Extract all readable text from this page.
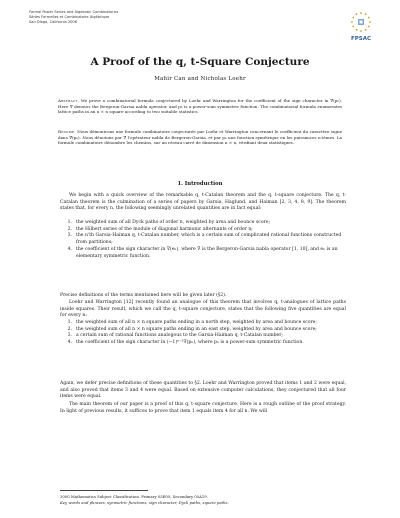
Formal Power Series and Algebraic Combinatorics
Séries Formelles et Combinatoire Algébrique
San Diego, California 2006
FPSAC
A Proof of the q, t-Square Conjecture
Mahir Can and Nicholas Loehr
Abstract. We prove a combinatorial formula conjectured by Loehr and Warrington for the coefficient of the sign character in ∇(pₙ). Here ∇ denotes the Bergeron-Garsia nabla operator, and pₙ is a power-sum symmetric function. The combinatorial formula enumerates lattice paths in an n × n square according to two suitable statistics.
Résumé. Nous démontrons une formule combinatoire conjecturée par Loehr et Warrington concernant le coefficient du caractère signe dans ∇(pₙ). Nous dénotons par ∇ l'opérateur nabla de Bergeron-Garsia, et par pₙ une fonction symétrique en les puissances n-ièmes. La formule combinatoire dénombre les chemins, sur un réseau carré de dimension n × n, vérifiant deux statistiques.
1. Introduction
We begin with a quick overview of the remarkable q, t-Catalan theorem and the q, t-square conjecture. The q, t-Catalan theorem is the culmination of a series of papers by Garsia, Haglund, and Haiman [2, 3, 4, 8, 9]. The theorem states that, for every n, the following seemingly unrelated quantities are in fact equal:
1. the weighted sum of all Dyck paths of order n, weighted by area and bounce score;
2. the Hilbert series of the module of diagonal harmonic alternants of order n;
3. the n'th Garsia-Haiman q, t-Catalan number, which is a certain sum of complicated rational functions constructed from partitions;
4. the coefficient of the sign character in ∇(eₙ), where ∇ is the Bergeron-Garsia nabla operator [1, 10], and eₙ is an elementary symmetric function.
Precise definitions of the terms mentioned here will be given later (§2).
Loehr and Warrington [12] recently found an analogue of this theorem that involves q, t-analogues of lattice paths inside squares. Their result, which we call the q, t-square conjecture, states that the following five quantities are equal for every n:
1. the weighted sum of all n × n square paths ending in a north step, weighted by area and bounce score;
2. the weighted sum of all n × n square paths ending in an east step, weighted by area and bounce score;
3. a certain sum of rational functions analogous to the Garsia-Haiman q, t-Catalan number;
4. the coefficient of the sign character in (−1)ⁿ⁻¹∇(pₙ), where pₙ is a power-sum symmetric function.
Again, we defer precise definitions of these quantities to §2. Loehr and Warrington proved that items 1 and 2 were equal, and also proved that items 3 and 4 were equal. Based on extensive computer calculations, they conjectured that all four items were equal.
The main theorem of our paper is a proof of this q, t-square conjecture. Here is a rough outline of the proof strategy. In light of previous results, it suffices to prove that item 1 equals item 4 for all n. We will
2000 Mathematics Subject Classification. Primary 05E05; Secondary 05A19.
Key words and phrases. symmetric functions, sign character, Dyck paths, square paths.
